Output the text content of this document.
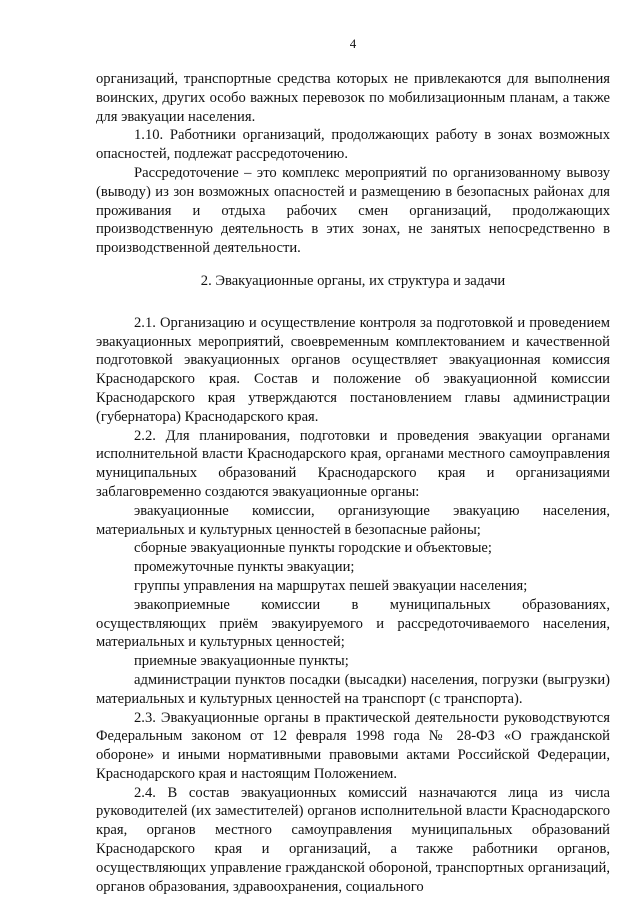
4

организаций, транспортные средства которых не привлекаются для выполнения воинских, других особо важных перевозок по мобилизационным планам, а также для эвакуации населения.

1.10. Работники организаций, продолжающих работу в зонах возможных опасностей, подлежат рассредоточению.

Рассредоточение – это комплекс мероприятий по организованному вывозу (выводу) из зон возможных опасностей и размещению в безопасных районах для проживания и отдыха рабочих смен организаций, продолжающих производственную деятельность в этих зонах, не занятых непосредственно в производственной деятельности.

2. Эвакуационные органы, их структура и задачи

2.1. Организацию и осуществление контроля за подготовкой и проведением эвакуационных мероприятий, своевременным комплектованием и качественной подготовкой эвакуационных органов осуществляет эвакуационная комиссия Краснодарского края. Состав и положение об эвакуационной комиссии Краснодарского края утверждаются постановлением главы администрации (губернатора) Краснодарского края.

2.2. Для планирования, подготовки и проведения эвакуации органами исполнительной власти Краснодарского края, органами местного самоуправления муниципальных образований Краснодарского края и организациями заблаговременно создаются эвакуационные органы:

эвакуационные комиссии, организующие эвакуацию населения, материальных и культурных ценностей в безопасные районы;

сборные эвакуационные пункты городские и объектовые;

промежуточные пункты эвакуации;

группы управления на маршрутах пешей эвакуации населения;

эвакоприемные комиссии в муниципальных образованиях, осуществляющих приём эвакуируемого и рассредоточиваемого населения, материальных и культурных ценностей;

приемные эвакуационные пункты;

администрации пунктов посадки (высадки) населения, погрузки (выгрузки) материальных и культурных ценностей на транспорт (с транспорта).

2.3. Эвакуационные органы в практической деятельности руководствуются Федеральным законом от 12 февраля 1998 года № 28-ФЗ «О гражданской обороне» и иными нормативными правовыми актами Российской Федерации, Краснодарского края и настоящим Положением.

2.4. В состав эвакуационных комиссий назначаются лица из числа руководителей (их заместителей) органов исполнительной власти Краснодарского края, органов местного самоуправления муниципальных образований Краснодарского края и организаций, а также работники органов, осуществляющих управление гражданской обороной, транспортных организаций, органов образования, здравоохранения, социального
